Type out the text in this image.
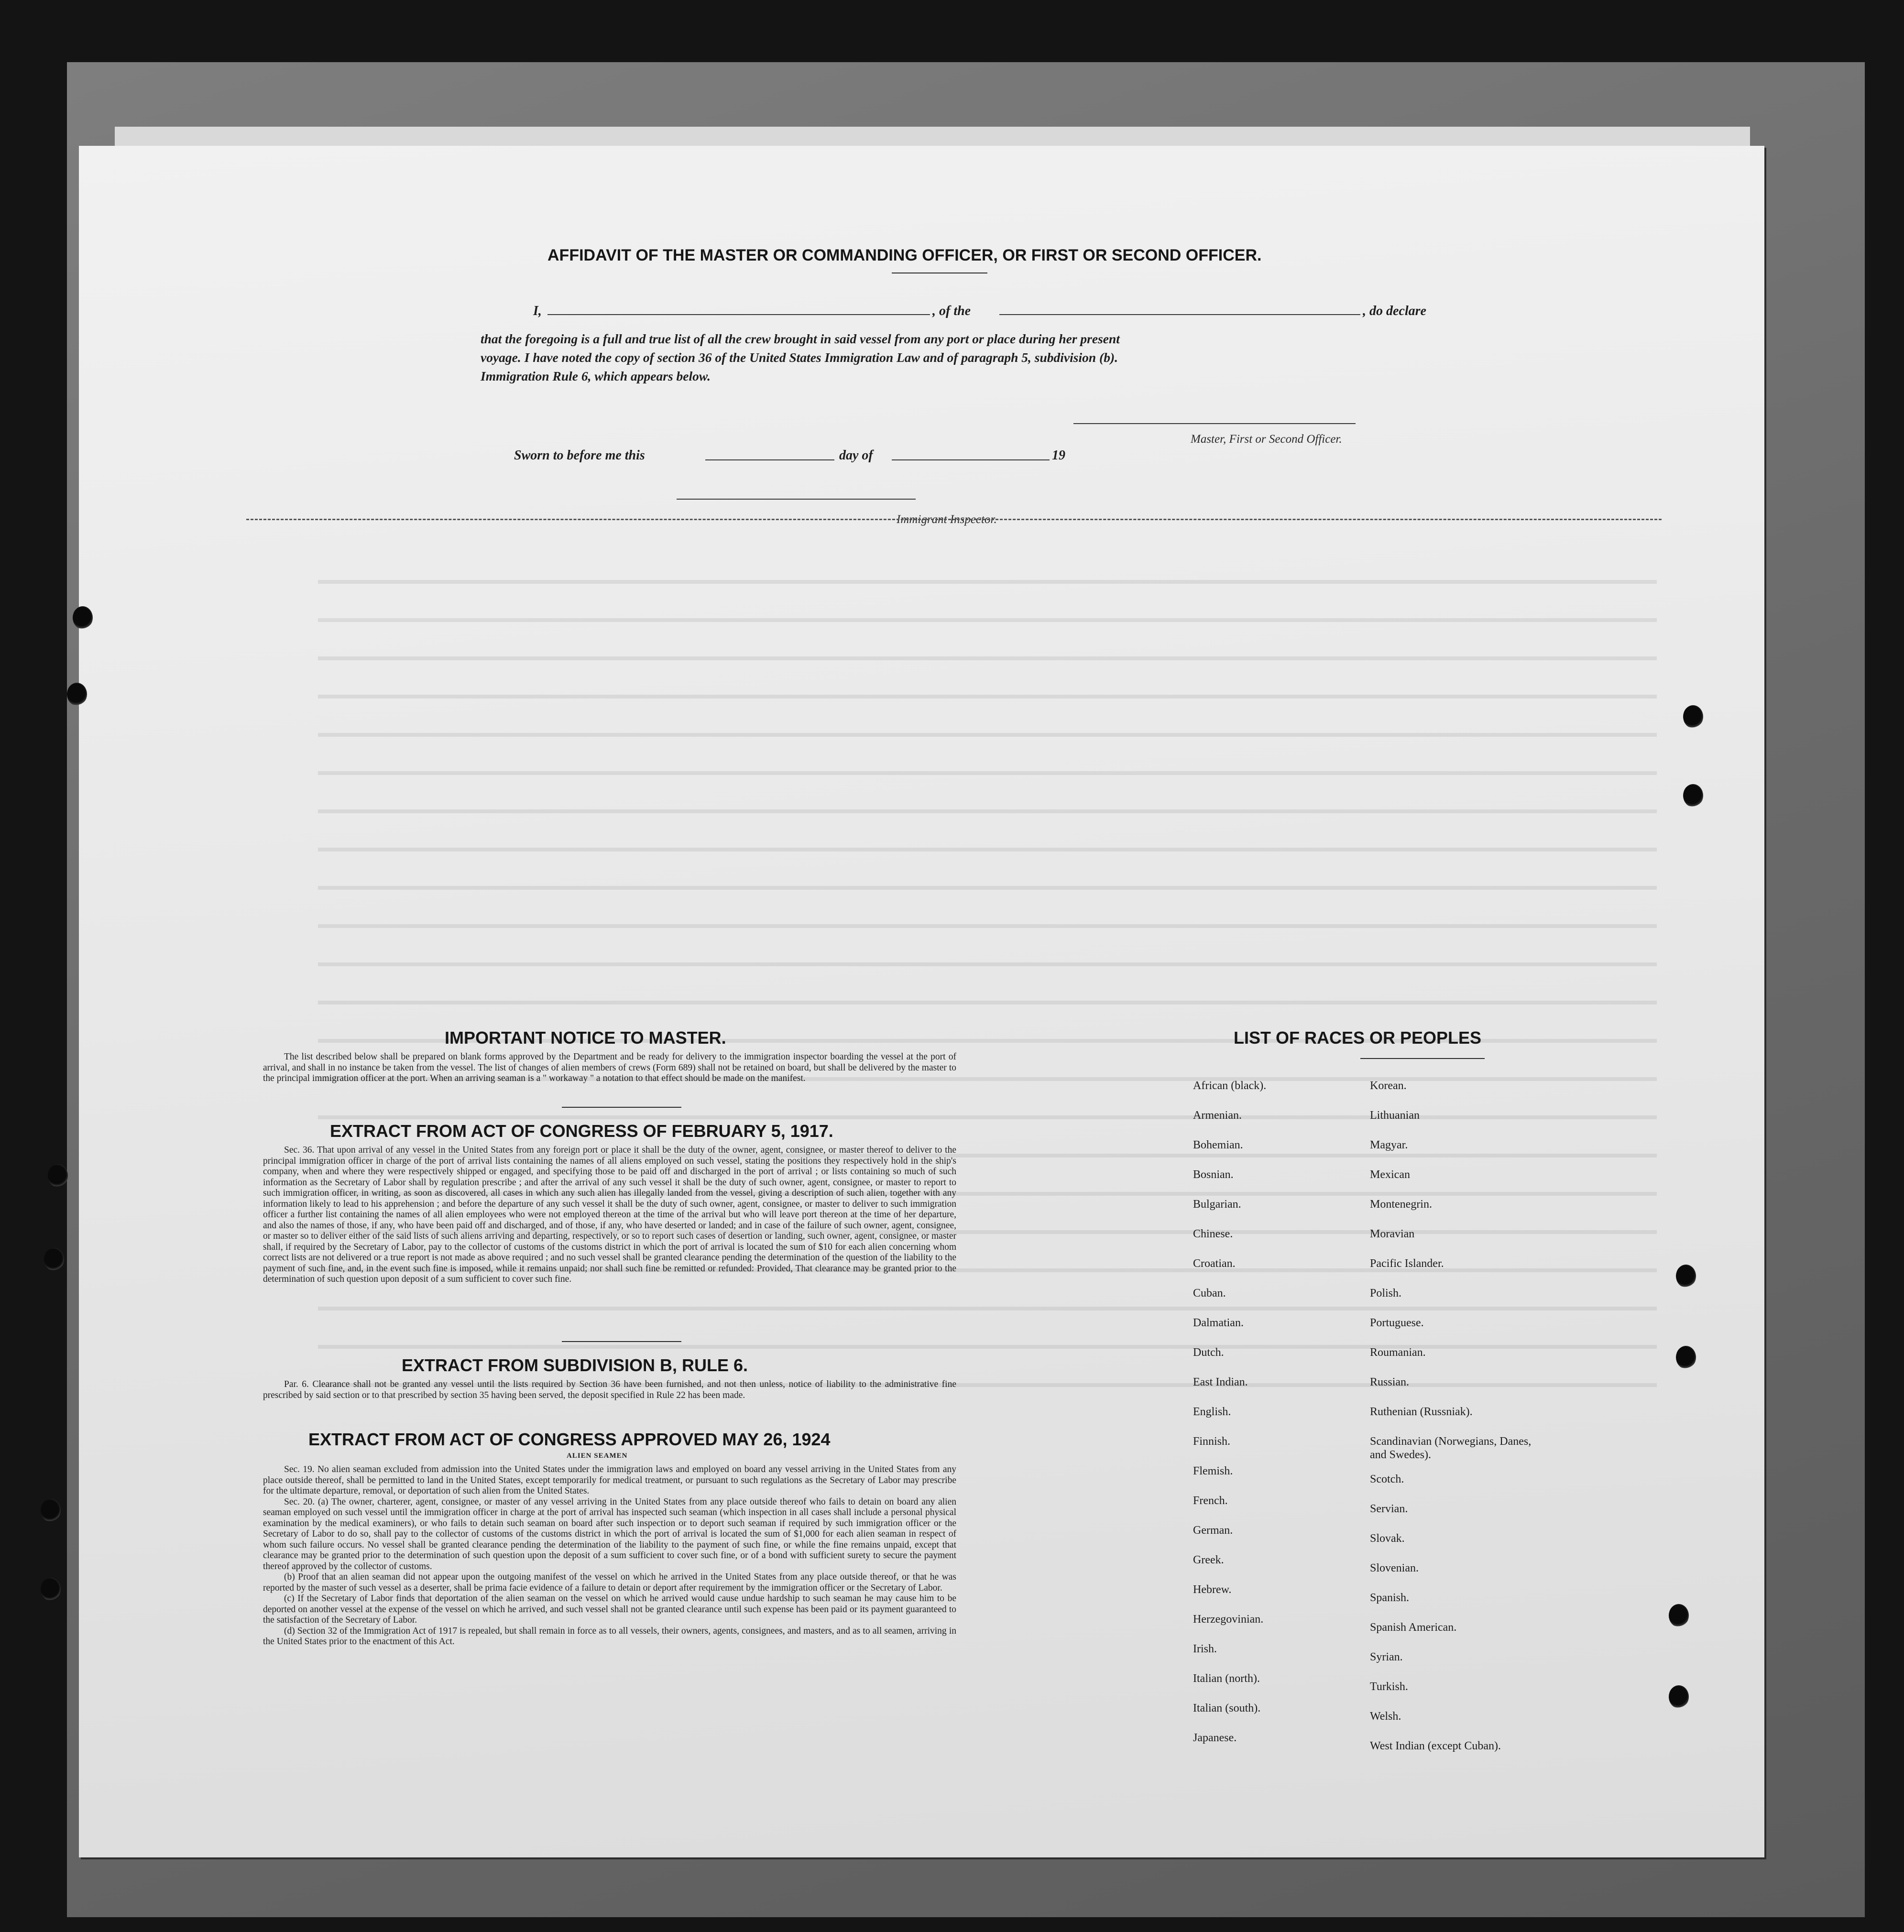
AFFIDAVIT OF THE MASTER OR COMMANDING OFFICER, OR FIRST OR SECOND OFFICER.
I,	, of the	, do declare
that the foregoing is a full and true list of all the crew brought in said vessel from any port or place during her present
voyage. I have noted the copy of section 36 of the United States Immigration Law and of paragraph 5, subdivision (b).
Immigration Rule 6, which appears below.
Master, First or Second Officer.
Sworn to before me this	day of	19
Immigrant Inspector.
IMPORTANT NOTICE TO MASTER.

The list described below shall be prepared on blank forms approved by the Department and be ready for delivery to the immigration inspector boarding the vessel at the port of arrival, and shall in no instance be taken from the vessel. The list of changes of alien members of crews (Form 689) shall not be retained on board, but shall be delivered by the master to the principal immigration officer at the port. When an arriving seaman is a " workaway " a notation to that effect should be made on the manifest.

EXTRACT FROM ACT OF CONGRESS OF FEBRUARY 5, 1917.

Sec. 36. That upon arrival of any vessel in the United States from any foreign port or place it shall be the duty of the owner, agent, consignee, or master thereof to deliver to the principal immigration officer in charge of the port of arrival lists containing the names of all aliens employed on such vessel, stating the positions they respectively hold in the ship's company, when and where they were respectively shipped or engaged, and specifying those to be paid off and discharged in the port of arrival ; or lists containing so much of such information as the Secretary of Labor shall by regulation prescribe ; and after the arrival of any such vessel it shall be the duty of such owner, agent, consignee, or master to report to such immigration officer, in writing, as soon as discovered, all cases in which any such alien has illegally landed from the vessel, giving a description of such alien, together with any information likely to lead to his apprehension ; and before the departure of any such vessel it shall be the duty of such owner, agent, consignee, or master to deliver to such immigration officer a further list containing the names of all alien employees who were not employed thereon at the time of the arrival but who will leave port thereon at the time of her departure, and also the names of those, if any, who have been paid off and discharged, and of those, if any, who have deserted or landed; and in case of the failure of such owner, agent, consignee, or master so to deliver either of the said lists of such aliens arriving and departing, respectively, or so to report such cases of desertion or landing, such owner, agent, consignee, or master shall, if required by the Secretary of Labor, pay to the collector of customs of the customs district in which the port of arrival is located the sum of $10 for each alien concerning whom correct lists are not delivered or a true report is not made as above required ; and no such vessel shall be granted clearance pending the determination of the question of the liability to the payment of such fine, and, in the event such fine is imposed, while it remains unpaid; nor shall such fine be remitted or refunded: Provided, That clearance may be granted prior to the determination of such question upon deposit of a sum sufficient to cover such fine.

EXTRACT FROM SUBDIVISION B, RULE 6.

Par. 6. Clearance shall not be granted any vessel until the lists required by Section 36 have been furnished, and not then unless, notice of liability to the administrative fine prescribed by said section or to that prescribed by section 35 having been served, the deposit specified in Rule 22 has been made.

EXTRACT FROM ACT OF CONGRESS APPROVED MAY 26, 1924
ALIEN SEAMEN

Sec. 19. No alien seaman excluded from admission into the United States under the immigration laws and employed on board any vessel arriving in the United States from any place outside thereof, shall be permitted to land in the United States, except temporarily for medical treatment, or pursuant to such regulations as the Secretary of Labor may prescribe for the ultimate departure, removal, or deportation of such alien from the United States.

Sec. 20. (a) The owner, charterer, agent, consignee, or master of any vessel arriving in the United States from any place outside thereof who fails to detain on board any alien seaman employed on such vessel until the immigration officer in charge at the port of arrival has inspected such seaman (which inspection in all cases shall include a personal physical examination by the medical examiners), or who fails to detain such seaman on board after such inspection or to deport such seaman if required by such immigration officer or the Secretary of Labor to do so, shall pay to the collector of customs of the customs district in which the port of arrival is located the sum of $1,000 for each alien seaman in respect of whom such failure occurs. No vessel shall be granted clearance pending the determination of the liability to the payment of such fine, or while the fine remains unpaid, except that clearance may be granted prior to the determination of such question upon the deposit of a sum sufficient to cover such fine, or of a bond with sufficient surety to secure the payment thereof approved by the collector of customs.

(b) Proof that an alien seaman did not appear upon the outgoing manifest of the vessel on which he arrived in the United States from any place outside thereof, or that he was reported by the master of such vessel as a deserter, shall be prima facie evidence of a failure to detain or deport after requirement by the immigration officer or the Secretary of Labor.

(c) If the Secretary of Labor finds that deportation of the alien seaman on the vessel on which he arrived would cause undue hardship to such seaman he may cause him to be deported on another vessel at the expense of the vessel on which he arrived, and such vessel shall not be granted clearance until such expense has been paid or its payment guaranteed to the satisfaction of the Secretary of Labor.

(d) Section 32 of the Immigration Act of 1917 is repealed, but shall remain in force as to all vessels, their owners, agents, consignees, and masters, and as to all seamen, arriving in the United States prior to the enactment of this Act.

LIST OF RACES OR PEOPLES
African (black).
Armenian.
Bohemian.
Bosnian.
Bulgarian.
Chinese.
Croatian.
Cuban.
Dalmatian.
Dutch.
East Indian.
English.
Finnish.
Flemish.
French.
German.
Greek.
Hebrew.
Herzegovinian.
Irish.
Italian (north).
Italian (south).
Japanese.
Korean.
Lithuanian
Magyar.
Mexican
Montenegrin.
Moravian
Pacific Islander.
Polish.
Portuguese.
Roumanian.
Russian.
Ruthenian (Russniak).
Scandinavian (Norwegians, Danes, and Swedes).
Scotch.
Servian.
Slovak.
Slovenian.
Spanish.
Spanish American.
Syrian.
Turkish.
Welsh.
West Indian (except Cuban).
